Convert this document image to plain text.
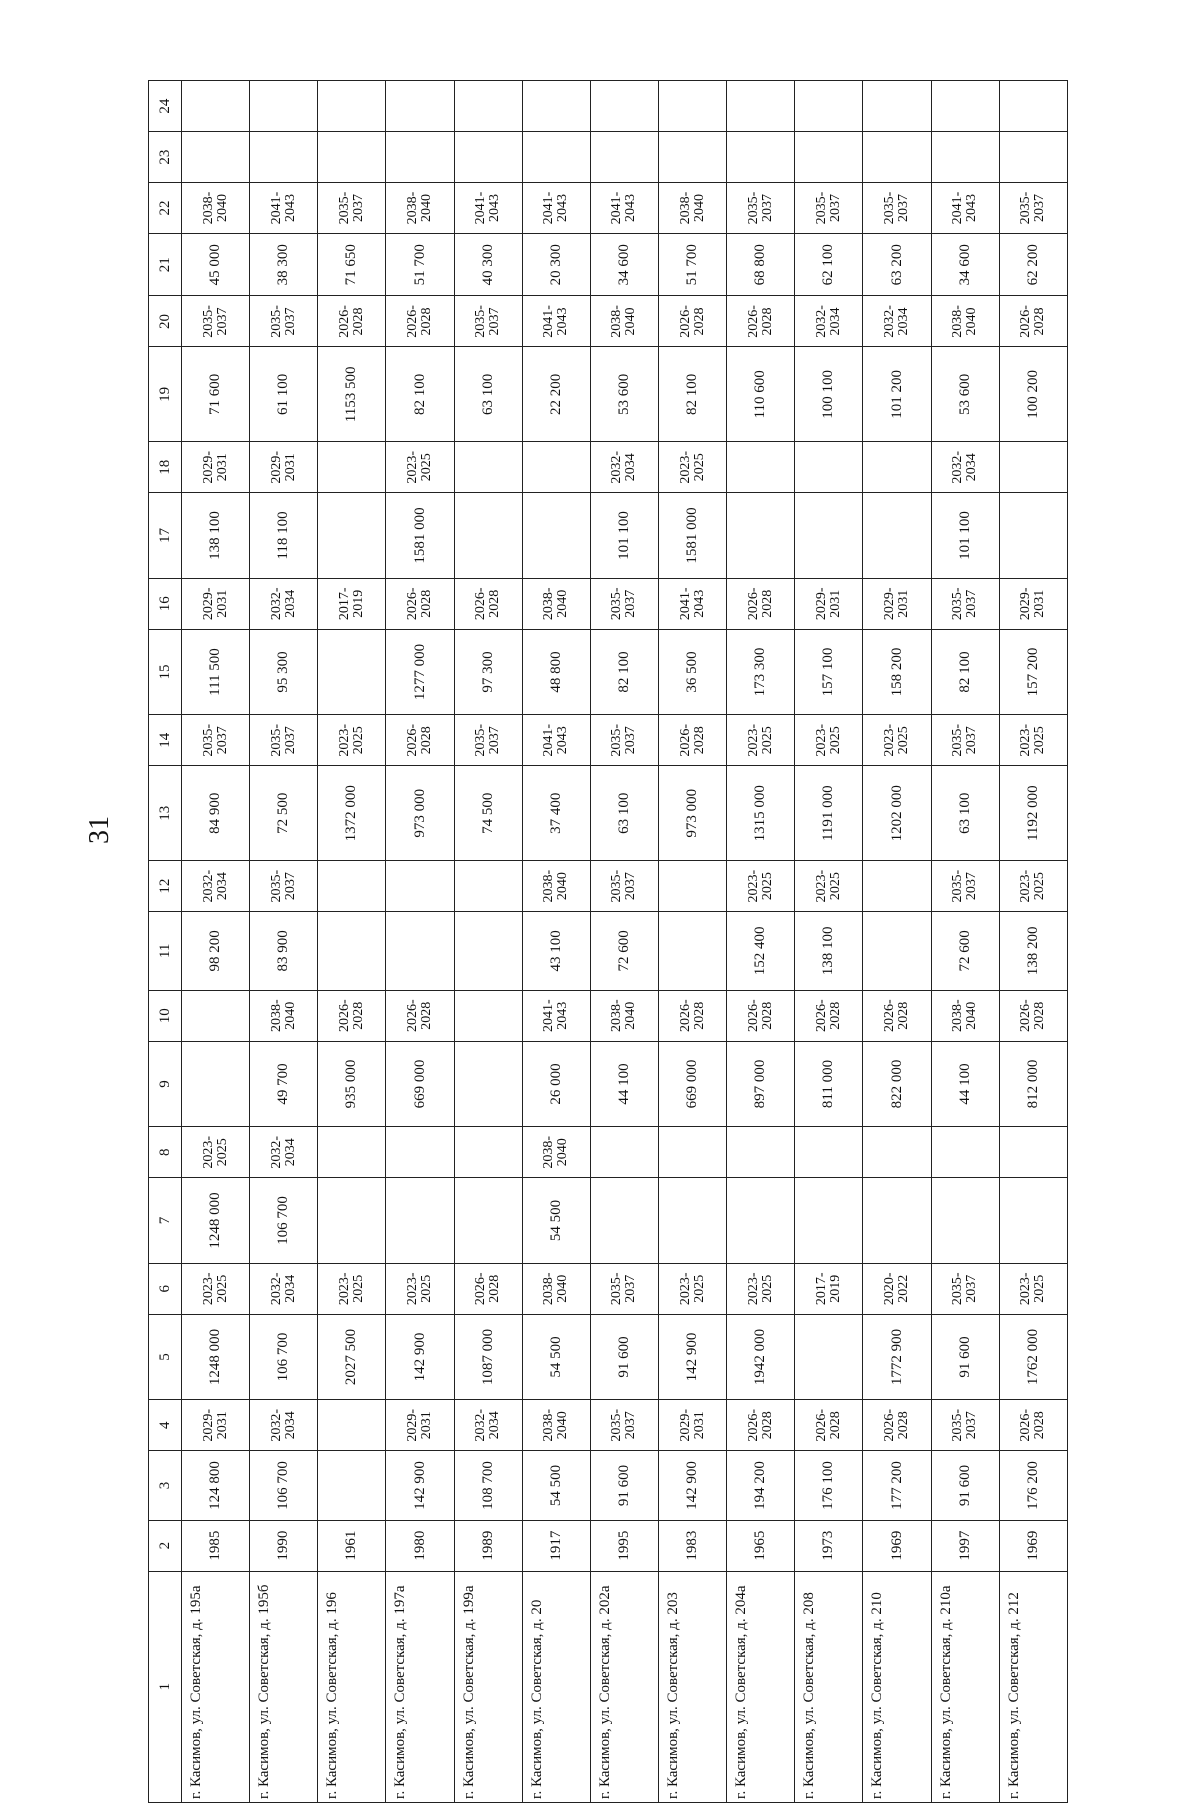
31
1	2	3	4	5	6	7	8	9	10	11	12	13	14	15	16	17	18	19	20	21	22	23	24
г. Касимов, ул. Советская, д. 195а	1985	124 800	2029-2031	1248 000	2023-2025	1248 000	2023-2025			98 200	2032-2034	84 900	2035-2037	111 500	2029-2031	138 100	2029-2031	71 600	2035-2037	45 000	2038-2040		
г. Касимов, ул. Советская, д. 195б	1990	106 700	2032-2034	106 700	2032-2034	106 700	2032-2034	49 700	2038-2040	83 900	2035-2037	72 500	2035-2037	95 300	2032-2034	118 100	2029-2031	61 100	2035-2037	38 300	2041-2043		
г. Касимов, ул. Советская, д. 196	1961			2027 500	2023-2025			935 000	2026-2028			1372 000	2023-2025		2017-2019			1153 500	2026-2028	71 650	2035-2037		
г. Касимов, ул. Советская, д. 197а	1980	142 900	2029-2031	142 900	2023-2025			669 000	2026-2028			973 000	2026-2028	1277 000	2026-2028	1581 000	2023-2025	82 100	2026-2028	51 700	2038-2040		
г. Касимов, ул. Советская, д. 199а	1989	108 700	2032-2034	1087 000	2026-2028							74 500	2035-2037	97 300	2026-2028			63 100	2035-2037	40 300	2041-2043		
г. Касимов, ул. Советская, д. 20	1917	54 500	2038-2040	54 500	2038-2040	54 500	2038-2040	26 000	2041-2043	43 100	2038-2040	37 400	2041-2043	48 800	2038-2040			22 200	2041-2043	20 300	2041-2043		
г. Касимов, ул. Советская, д. 202а	1995	91 600	2035-2037	91 600	2035-2037			44 100	2038-2040	72 600	2035-2037	63 100	2035-2037	82 100	2035-2037	101 100	2032-2034	53 600	2038-2040	34 600	2041-2043		
г. Касимов, ул. Советская, д. 203	1983	142 900	2029-2031	142 900	2023-2025			669 000	2026-2028			973 000	2026-2028	36 500	2041-2043	1581 000	2023-2025	82 100	2026-2028	51 700	2038-2040		
г. Касимов, ул. Советская, д. 204а	1965	194 200	2026-2028	1942 000	2023-2025			897 000	2026-2028	152 400	2023-2025	1315 000	2023-2025	173 300	2026-2028			110 600	2026-2028	68 800	2035-2037		
г. Касимов, ул. Советская, д. 208	1973	176 100	2026-2028		2017-2019			811 000	2026-2028	138 100	2023-2025	1191 000	2023-2025	157 100	2029-2031			100 100	2032-2034	62 100	2035-2037		
г. Касимов, ул. Советская, д. 210	1969	177 200	2026-2028	1772 900	2020-2022			822 000	2026-2028			1202 000	2023-2025	158 200	2029-2031			101 200	2032-2034	63 200	2035-2037		
г. Касимов, ул. Советская, д. 210а	1997	91 600	2035-2037	91 600	2035-2037			44 100	2038-2040	72 600	2035-2037	63 100	2035-2037	82 100	2035-2037	101 100	2032-2034	53 600	2038-2040	34 600	2041-2043		
г. Касимов, ул. Советская, д. 212	1969	176 200	2026-2028	1762 000	2023-2025			812 000	2026-2028	138 200	2023-2025	1192 000	2023-2025	157 200	2029-2031			100 200	2026-2028	62 200	2035-2037		
